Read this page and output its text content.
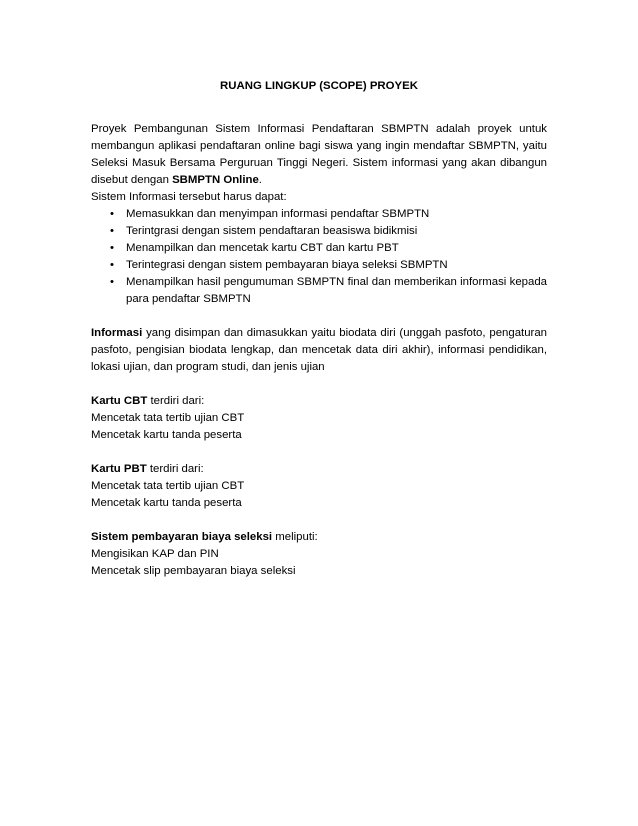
RUANG LINGKUP (SCOPE) PROYEK

Proyek Pembangunan Sistem Informasi Pendaftaran SBMPTN adalah proyek untuk membangun aplikasi pendaftaran online bagi siswa yang ingin mendaftar SBMPTN, yaitu Seleksi Masuk Bersama Perguruan Tinggi Negeri. Sistem informasi yang akan dibangun disebut dengan SBMPTN Online.

Sistem Informasi tersebut harus dapat:

• Memasukkan dan menyimpan informasi pendaftar SBMPTN
• Terintgrasi dengan sistem pendaftaran beasiswa bidikmisi
• Menampilkan dan mencetak kartu CBT dan kartu PBT
• Terintegrasi dengan sistem pembayaran biaya seleksi SBMPTN
• Menampilkan hasil pengumuman SBMPTN final dan memberikan informasi kepada para pendaftar SBMPTN

Informasi yang disimpan dan dimasukkan yaitu biodata diri (unggah pasfoto, pengaturan pasfoto, pengisian biodata lengkap, dan mencetak data diri akhir), informasi pendidikan, lokasi ujian, dan program studi, dan jenis ujian

Kartu CBT terdiri dari:

Mencetak tata tertib ujian CBT

Mencetak kartu tanda peserta

Kartu PBT terdiri dari:

Mencetak tata tertib ujian CBT

Mencetak kartu tanda peserta

Sistem pembayaran biaya seleksi meliputi:

Mengisikan KAP dan PIN

Mencetak slip pembayaran biaya seleksi
